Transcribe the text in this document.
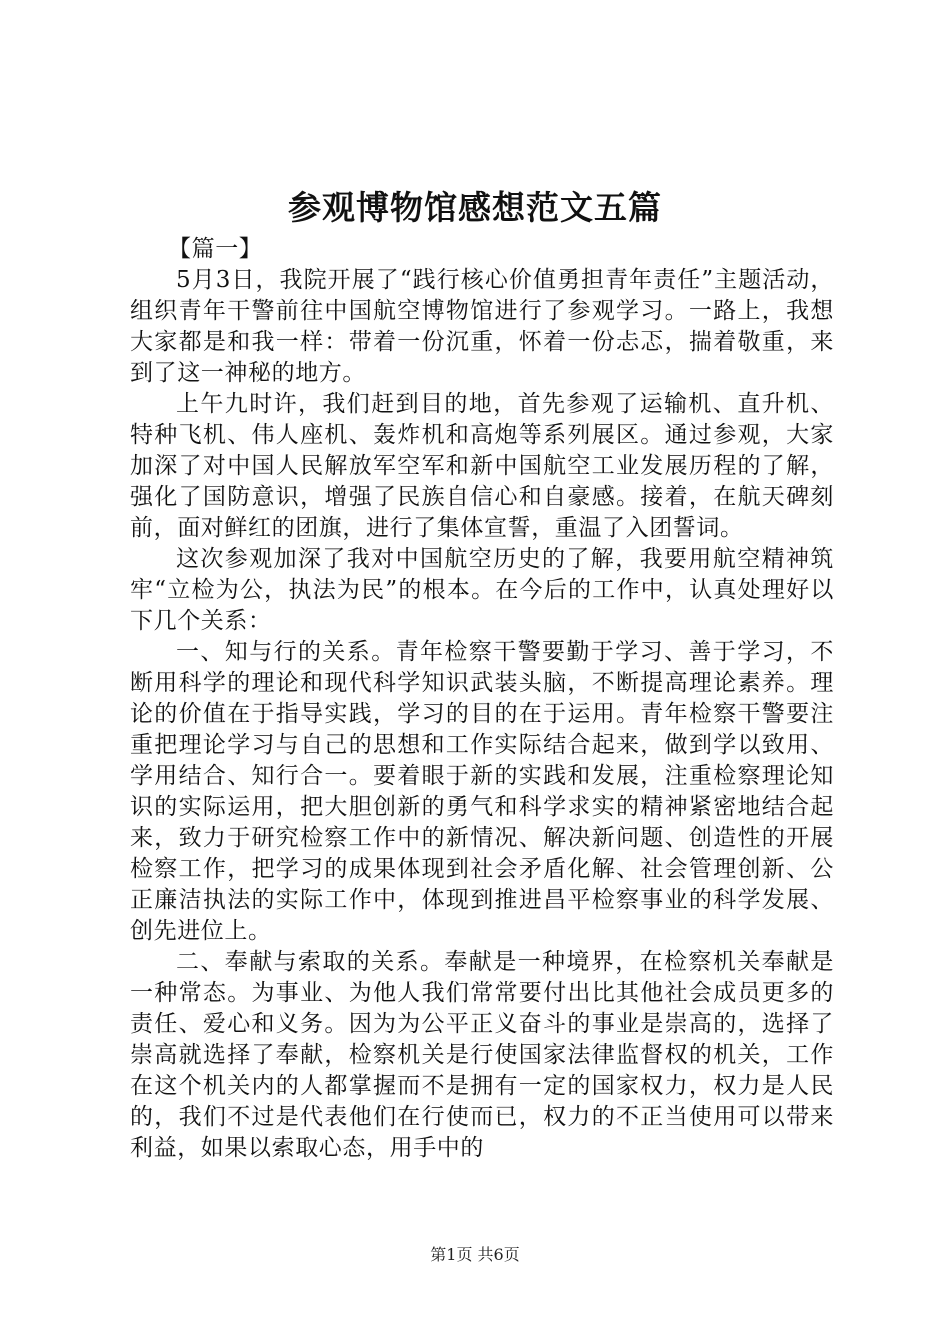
参观博物馆感想范文五篇

【篇一】

5月3日，我院开展了“践行核心价值勇担青年责任”主题活动，组织青年干警前往中国航空博物馆进行了参观学习。一路上，我想大家都是和我一样：带着一份沉重，怀着一份忐忑，揣着敬重，来到了这一神秘的地方。

上午九时许，我们赶到目的地，首先参观了运输机、直升机、特种飞机、伟人座机、轰炸机和高炮等系列展区。通过参观，大家加深了对中国人民解放军空军和新中国航空工业发展历程的了解，强化了国防意识，增强了民族自信心和自豪感。接着，在航天碑刻前，面对鲜红的团旗，进行了集体宣誓，重温了入团誓词。

这次参观加深了我对中国航空历史的了解，我要用航空精神筑牢“立检为公，执法为民”的根本。在今后的工作中，认真处理好以下几个关系：

一、知与行的关系。青年检察干警要勤于学习、善于学习，不断用科学的理论和现代科学知识武装头脑，不断提高理论素养。理论的价值在于指导实践，学习的目的在于运用。青年检察干警要注重把理论学习与自己的思想和工作实际结合起来，做到学以致用、学用结合、知行合一。要着眼于新的实践和发展，注重检察理论知识的实际运用，把大胆创新的勇气和科学求实的精神紧密地结合起来，致力于研究检察工作中的新情况、解决新问题、创造性的开展检察工作，把学习的成果体现到社会矛盾化解、社会管理创新、公正廉洁执法的实际工作中，体现到推进昌平检察事业的科学发展、创先进位上。

二、奉献与索取的关系。奉献是一种境界，在检察机关奉献是一种常态。为事业、为他人我们常常要付出比其他社会成员更多的责任、爱心和义务。因为为公平正义奋斗的事业是崇高的，选择了崇高就选择了奉献，检察机关是行使国家法律监督权的机关，工作在这个机关内的人都掌握而不是拥有一定的国家权力，权力是人民的，我们不过是代表他们在行使而已，权力的不正当使用可以带来利益，如果以索取心态，用手中的

第1页 共6页
